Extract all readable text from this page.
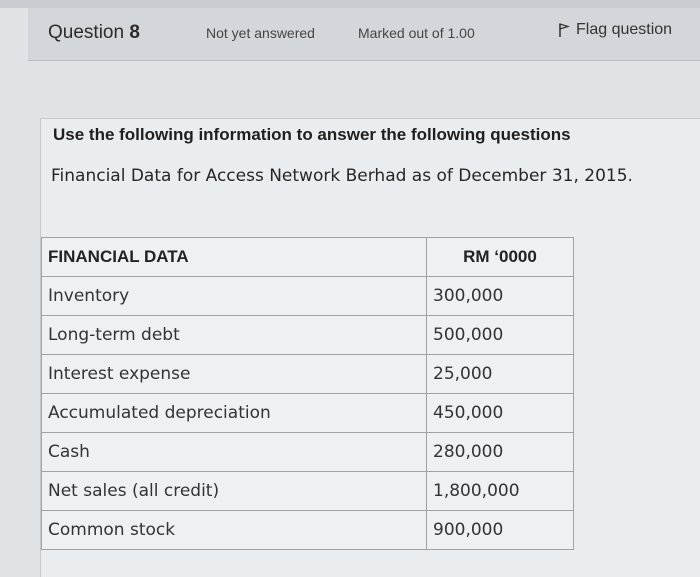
Question 8	Not yet answered	Marked out of 1.00	Flag question
Use the following information to answer the following questions
Financial Data for Access Network Berhad as of December 31, 2015.
FINANCIAL DATA	RM ‘0000
Inventory	300,000
Long-term debt	500,000
Interest expense	25,000
Accumulated depreciation	450,000
Cash	280,000
Net sales (all credit)	1,800,000
Common stock	900,000
